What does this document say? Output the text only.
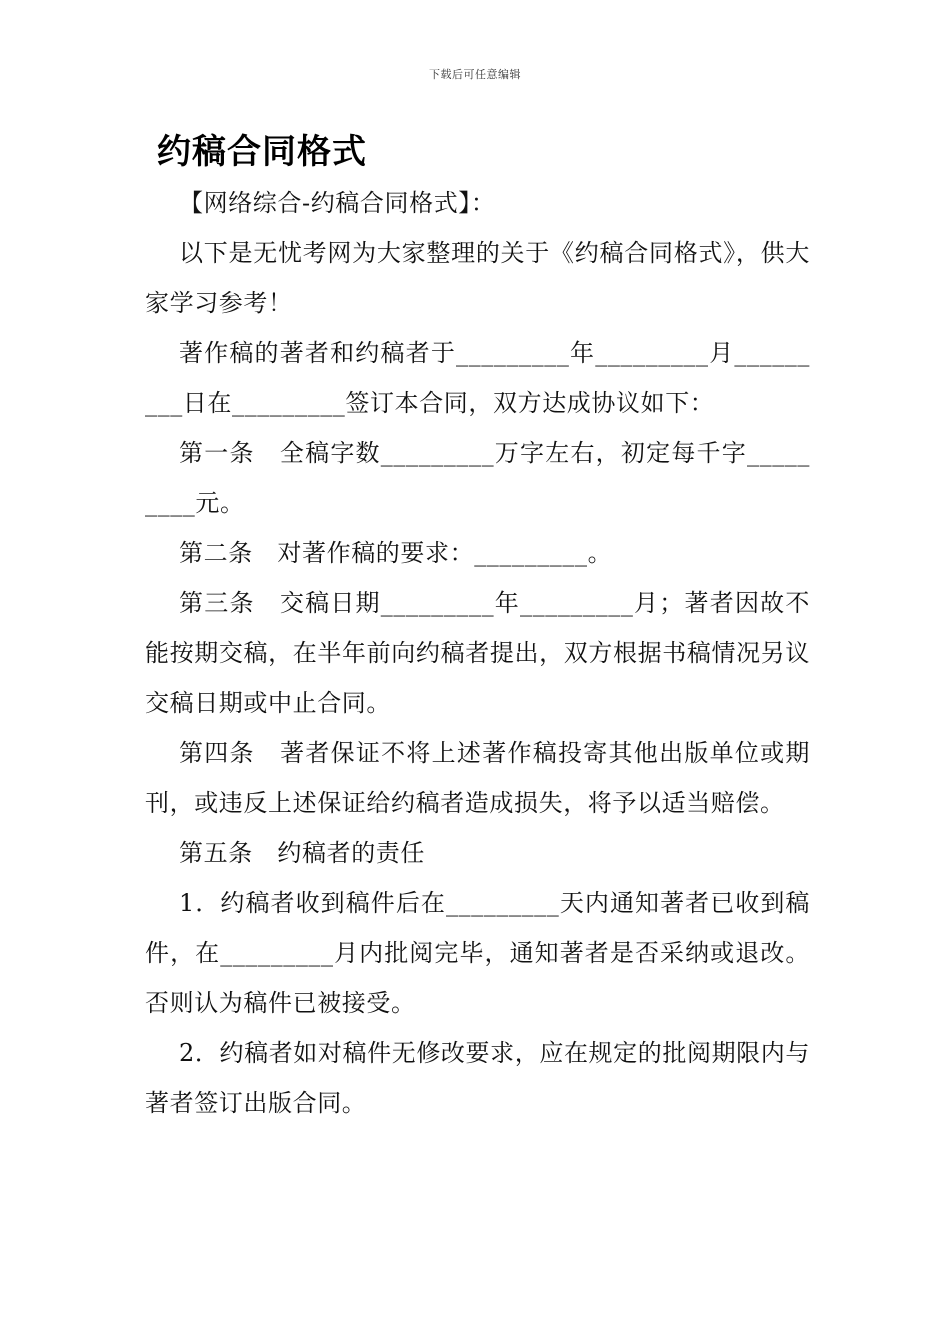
下载后可任意编辑
约稿合同格式

【网络综合-约稿合同格式】：

以下是无忧考网为大家整理的关于《约稿合同格式》，供大家学习参考！

著作稿的著者和约稿者于_________年_________月_________日在_________签订本合同，双方达成协议如下：

第一条　全稿字数_________万字左右，初定每千字_________元。

第二条　对著作稿的要求：_________。

第三条　交稿日期_________年_________月；著者因故不能按期交稿，在半年前向约稿者提出，双方根据书稿情况另议交稿日期或中止合同。

第四条　著者保证不将上述著作稿投寄其他出版单位或期刊，或违反上述保证给约稿者造成损失，将予以适当赔偿。

第五条　约稿者的责任

1．约稿者收到稿件后在_________天内通知著者已收到稿件，在_________月内批阅完毕，通知著者是否采纳或退改。否则认为稿件已被接受。

2．约稿者如对稿件无修改要求，应在规定的批阅期限内与著者签订出版合同。
